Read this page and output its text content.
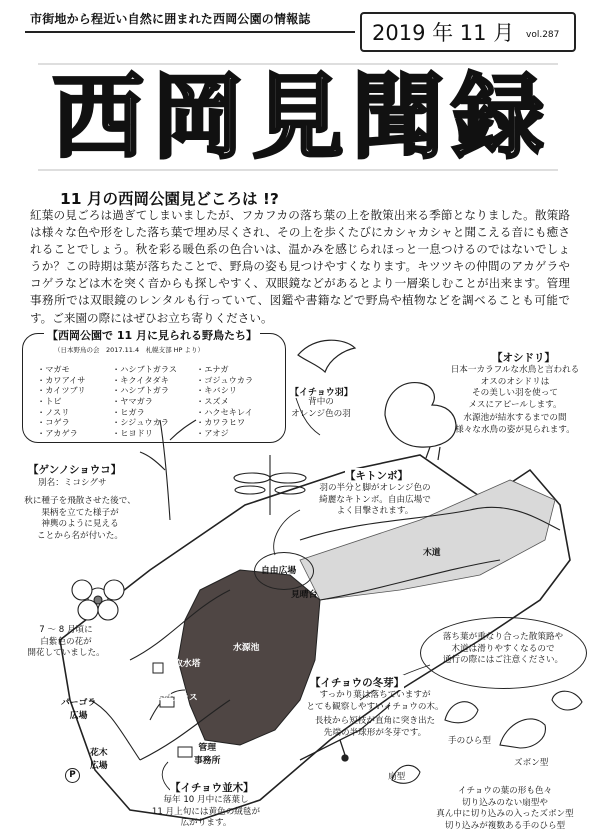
市街地から程近い自然に囲まれた西岡公園の情報誌
2019 年 11 月 vol.287
西 岡 見 聞 録
11 月の西岡公園見どころは !?
紅葉の見ごろは過ぎてしまいましたが、フカフカの落ち葉の上を散策出来る季節となりました。散策路は様々な色や形をした落ち葉で埋め尽くされ、その上を歩くたびにカシャカシャと聞こえる音にも癒されることでしょう。秋を彩る暖色系の色合いは、温かみを感じられほっと一息つけるのではないでしょうか？この時期は葉が落ちたことで、野鳥の姿も見つけやすくなります。キツツキの仲間のアカゲラやコゲラなどは木を突く音からも探しやすく、双眼鏡などがあるとより一層楽しむことが出来ます。管理事務所では双眼鏡のレンタルも行っていて、図鑑や書籍などで野鳥や植物などを調べることも可能です。ご来園の際にはぜひお立ち寄りください。
【西岡公園で 11 月に見られる野鳥たち】
（日本野鳥の会　2017.11.4　札幌支部 HP より）
・マガモ
・カワアイサ
・カイツブリ
・トビ
・ノスリ
・コゲラ
・アカゲラ
・ハシブトガラス
・キクイタダキ
・ハシブトガラ
・ヤマガラ
・ヒガラ
・シジュウカラ
・ヒヨドリ
・エナガ
・ゴジュウカラ
・キバシリ
・スズメ
・ハクセキレイ
・カワラヒワ
・アオジ
【イチョウ羽】
背中の
オレンジ色の羽
【オシドリ】
日本一カラフルな水鳥と言われる
オスのオシドリは
その美しい羽を使って
メスにアピールします。
水源池が結氷するまでの間
様々な水鳥の姿が見られます。
【ゲンノショウコ】
別名：ミコシグサ
秋に種子を飛散させた後で、
果柄を立てた様子が
神輿のように見える
ことから名が付いた。
7 ～ 8 月頃に
白紫色の花が
開花していました。
【キトンボ】
羽の半分と脚がオレンジ色の
綺麗なキトンボ。自由広場で
よく目撃されます。
自由広場
見晴台
木道
水源池
取水塔
展望テラス
パーゴラ
広場
花木
広場
管理
事務所
P
落ち葉が重なり合った散策路や
木道は滑りやすくなるので
通行の際にはご注意ください。
【イチョウの冬芽】
すっかり葉は落ちていますが
とても観察しやすいイチョウの木。
長枝から短枝が直角に突き出た
先端の半球形が冬芽です。
【イチョウ並木】
毎年 10 月中に落葉し
11 月上旬には黄色の絨毯が
広がります。
手のひら型
ズボン型
扇型
イチョウの葉の形も色々
切り込みのない扇型や
真ん中に切り込みの入ったズボン型
切り込みが複数ある手のひら型
